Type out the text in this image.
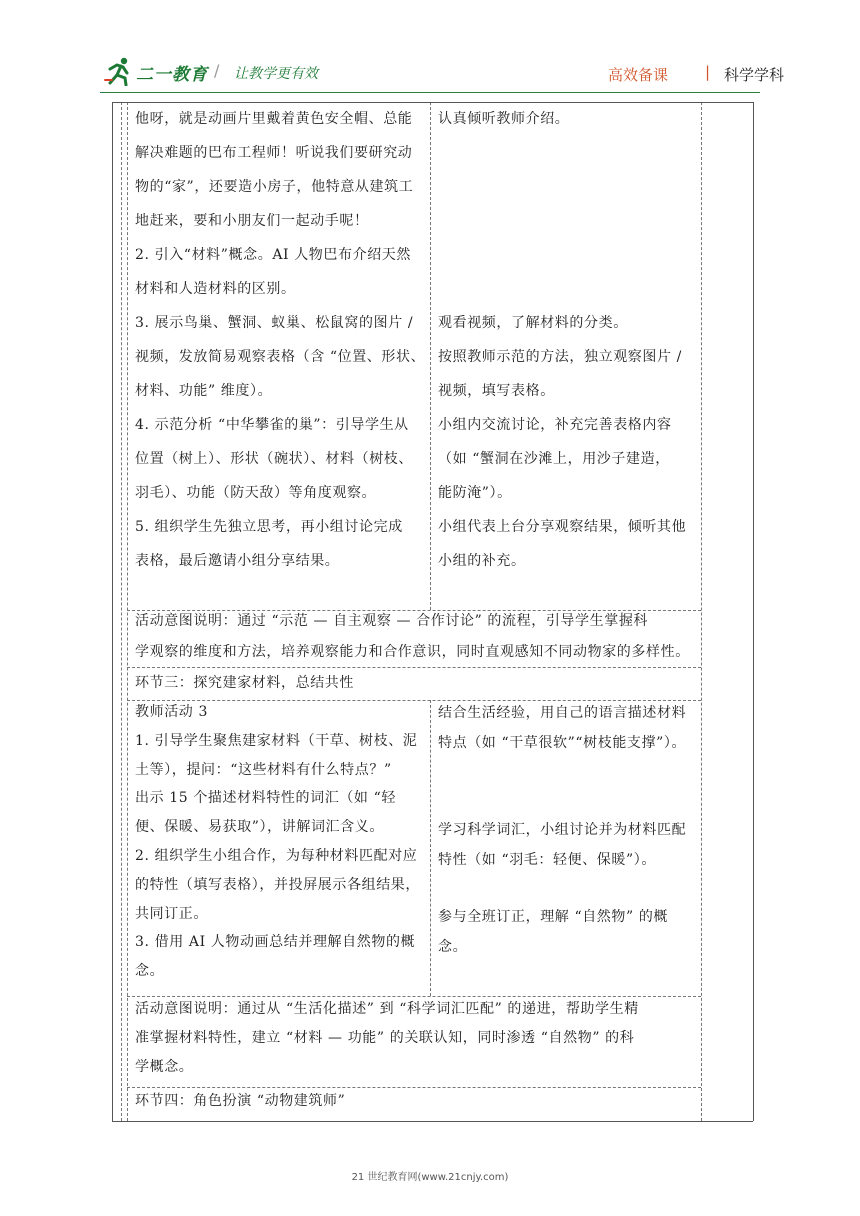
二一教育 / 让教学更有效	高效备课 | 科学学科

他呀，就是动画片里戴着黄色安全帽、总能

解决难题的巴布工程师！听说我们要研究动

物的“家”，还要造小房子，他特意从建筑工

地赶来，要和小朋友们一起动手呢！

2. 引入“材料”概念。AI 人物巴布介绍天然

材料和人造材料的区别。

3. 展示鸟巢、蟹洞、蚁巢、松鼠窝的图片 /

视频，发放简易观察表格（含 “位置、形状、

材料、功能” 维度）。

4. 示范分析 “中华攀雀的巢”：引导学生从

位置（树上）、形状（碗状）、材料（树枝、

羽毛）、功能（防天敌）等角度观察。

5. 组织学生先独立思考，再小组讨论完成

表格，最后邀请小组分享结果。

认真倾听教师介绍。

观看视频，了解材料的分类。

按照教师示范的方法，独立观察图片 /

视频，填写表格。

小组内交流讨论，补充完善表格内容

（如 “蟹洞在沙滩上，用沙子建造，

能防淹”）。

小组代表上台分享观察结果，倾听其他

小组的补充。

活动意图说明：通过 “示范 — 自主观察 — 合作讨论” 的流程，引导学生掌握科

学观察的维度和方法，培养观察能力和合作意识，同时直观感知不同动物家的多样性。

环节三：探究建家材料，总结共性

教师活动 3

1. 引导学生聚焦建家材料（干草、树枝、泥

土等），提问：“这些材料有什么特点？”

出示 15 个描述材料特性的词汇（如 “轻

便、保暖、易获取”），讲解词汇含义。

2. 组织学生小组合作，为每种材料匹配对应

的特性（填写表格），并投屏展示各组结果，

共同订正。

3. 借用 AI 人物动画总结并理解自然物的概

念。

结合生活经验，用自己的语言描述材料

特点（如 “干草很软”“树枝能支撑”）。

学习科学词汇，小组讨论并为材料匹配

特性（如 “羽毛：轻便、保暖”）。

参与全班订正，理解 “自然物” 的概

念。

活动意图说明：通过从 “生活化描述” 到 “科学词汇匹配” 的递进，帮助学生精

准掌握材料特性，建立 “材料 — 功能” 的关联认知，同时渗透 “自然物” 的科

学概念。

环节四：角色扮演 “动物建筑师”
21 世纪教育网(www.21cnjy.com)
